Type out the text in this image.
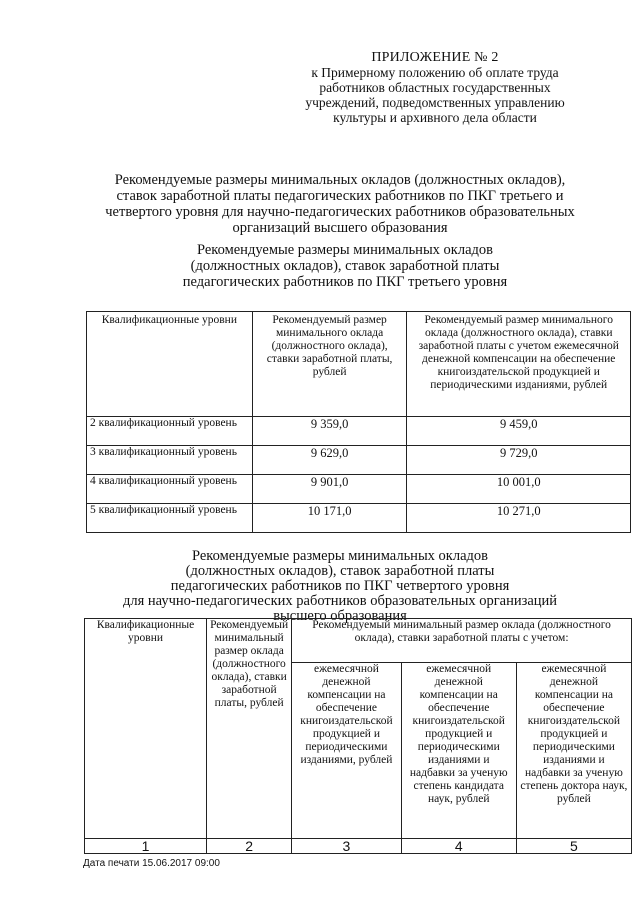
ПРИЛОЖЕНИЕ № 2
к Примерному положению об оплате труда
работников областных государственных
учреждений, подведомственных управлению
культуры и архивного дела области
Рекомендуемые размеры минимальных окладов (должностных окладов),
ставок заработной платы педагогических работников по ПКГ третьего и
четвертого уровня для научно-педагогических работников образовательных
организаций высшего образования
Рекомендуемые размеры минимальных окладов
(должностных окладов), ставок заработной платы
педагогических работников по ПКГ третьего уровня
Квалификационные уровни	Рекомендуемый размер минимального оклада (должностного оклада), ставки заработной платы, рублей	Рекомендуемый размер минимального оклада (должностного оклада), ставки заработной платы с учетом ежемесячной денежной компенсации на обеспечение книгоиздательской продукцией и периодическими изданиями, рублей
2 квалификационный уровень	9 359,0	9 459,0
3 квалификационный уровень	9 629,0	9 729,0
4 квалификационный уровень	9 901,0	10 001,0
5 квалификационный уровень	10 171,0	10 271,0
Рекомендуемые размеры минимальных окладов
(должностных окладов), ставок заработной платы
педагогических работников по ПКГ четвертого уровня
для научно-педагогических работников образовательных организаций
высшего образования
Квалификационные уровни	Рекомендуемый минимальный размер оклада (должностного оклада), ставки заработной платы, рублей	Рекомендуемый минимальный размер оклада (должностного оклада), ставки заработной платы с учетом:		
		ежемесячной денежной компенсации на обеспечение книгоиздательской продукцией и периодическими изданиями, рублей	ежемесячной денежной компенсации на обеспечение книгоиздательской продукцией и периодическими изданиями и надбавки за ученую степень кандидата наук, рублей	ежемесячной денежной компенсации на обеспечение книгоиздательской продукцией и периодическими изданиями и надбавки за ученую степень доктора наук, рублей
1	2	3	4	5
Дата печати 15.06.2017 09:00
